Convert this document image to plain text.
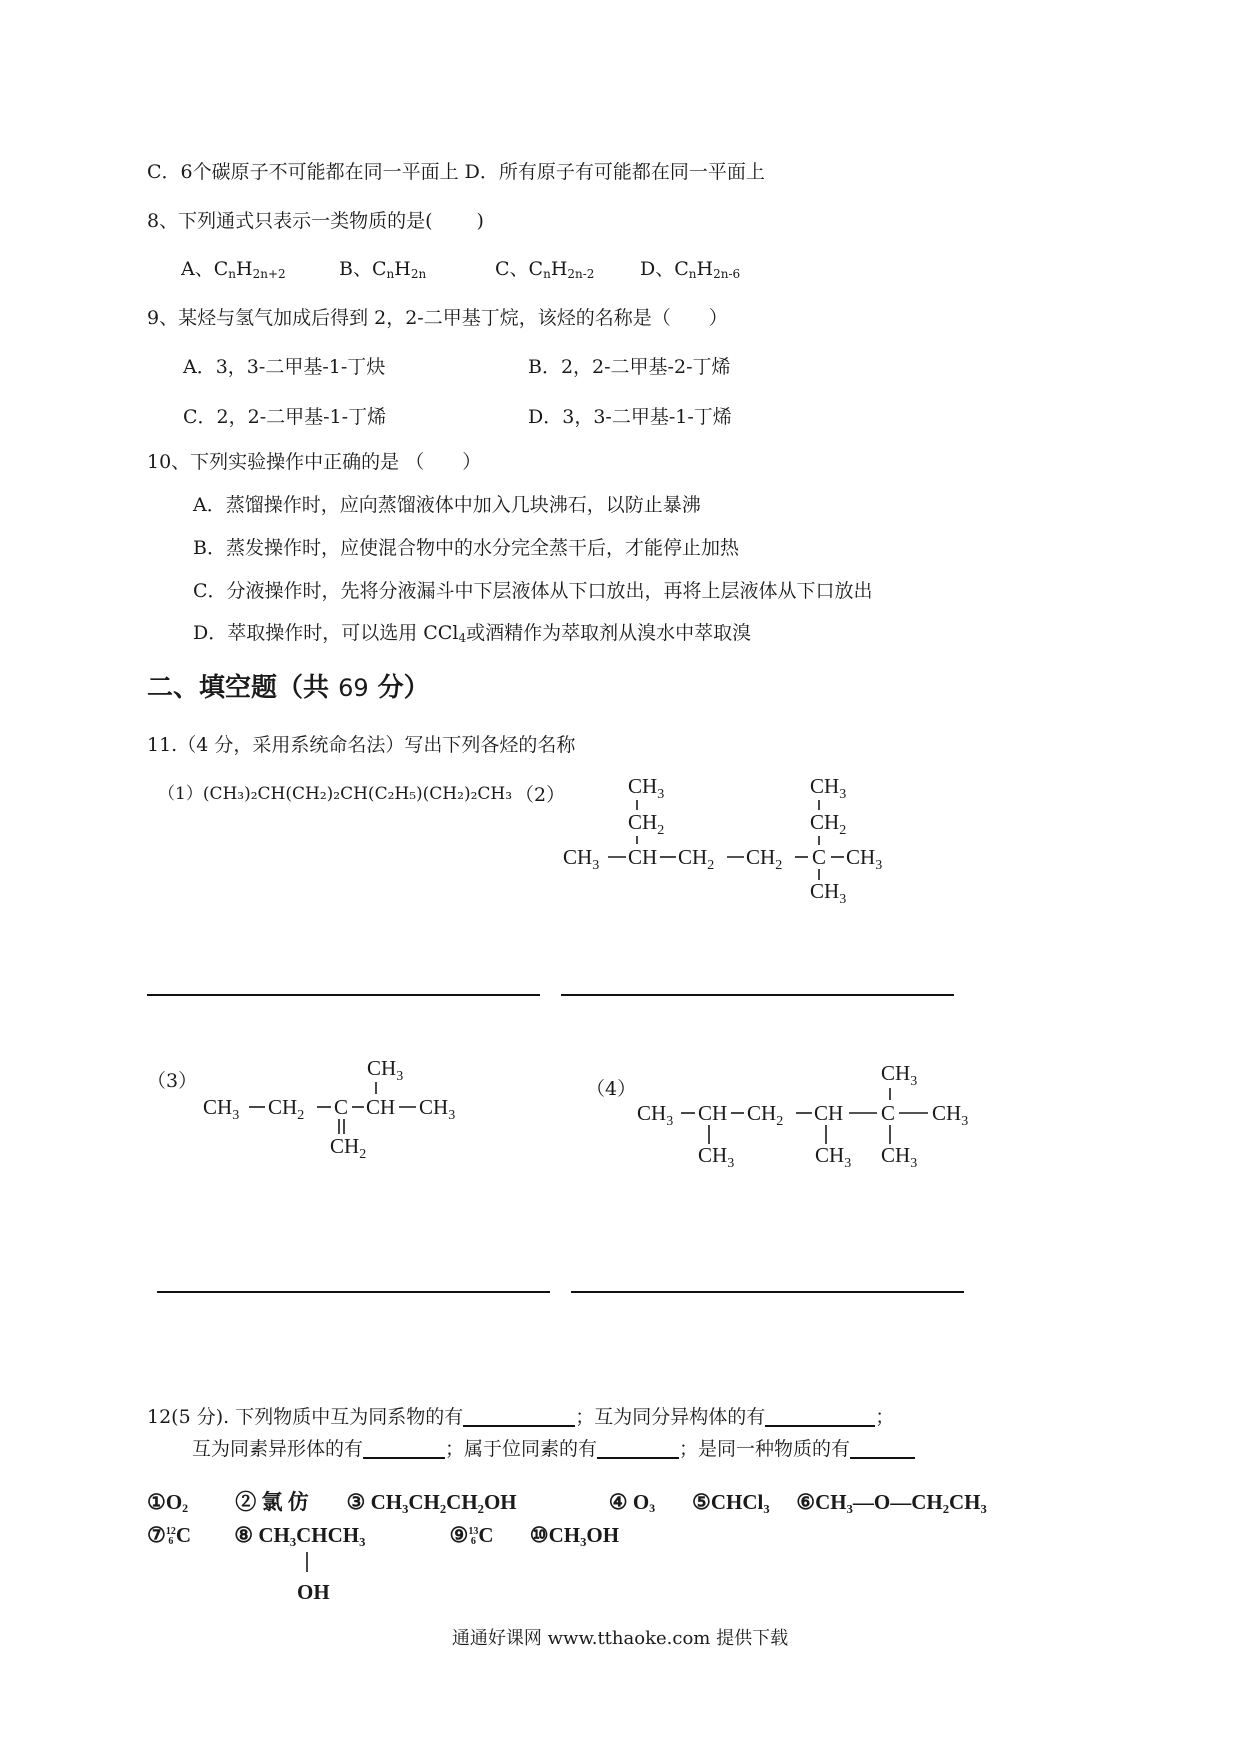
C．6个碳原子不可能都在同一平面上 D．所有原子有可能都在同一平面上
8、下列通式只表示一类物质的是(　　 )
A、CnH2n+2	B、CnH2n	C、CnH2n-2 D、CnH2n-6
9、某烃与氢气加成后得到 2，2-二甲基丁烷，该烃的名称是（　　）
A．3，3-二甲基-1-丁炔	B．2，2-二甲基-2-丁烯
C．2，2-二甲基-1-丁烯	D．3，3-二甲基-1-丁烯
10、下列实验操作中正确的是 （　　）
A．蒸馏操作时，应向蒸馏液体中加入几块沸石，以防止暴沸
B．蒸发操作时，应使混合物中的水分完全蒸干后，才能停止加热
C．分液操作时，先将分液漏斗中下层液体从下口放出，再将上层液体从下口放出
D．萃取操作时，可以选用 CCl4或酒精作为萃取剂从溴水中萃取溴
二、填空题（共 69 分）
11.（4 分，采用系统命名法）写出下列各烃的名称
（1）(CH₃)₂CH(CH₂)₂CH(C₂H₅)(CH₂)₂CH₃ （2）	$CH_3$
$CH_2$
$CH_3$ CH $CH_2$ $CH_2$ C $CH_3$
$CH_3$
$CH_2$
$CH_3$
（3）
$CH_3$
$CH_3$ $CH_2$ C CH $CH_3$
$CH_2$
（4）
$CH_3$
$CH_3$ CH $CH_2$ CH C $CH_3$
$CH_3$	$CH_3$ $CH_3$
12(5 分). 下列物质中互为同系物的有	；互为同分异构体的有	；
互为同素异形体的有	；属于位同素的有	；是同一种物质的有
①O2 ② 氯 仿 ③ CH₃CH₂CH₂OH	④ O3 ⑤CHCl₃ ⑥CH₃—O—CH₂CH₃
⑦12
6 C ⑧ CH₃CHCH₃	⑨13
6 C ⑩CH₃OH
OH
通通好课网 www.tthaoke.com 提供下载
